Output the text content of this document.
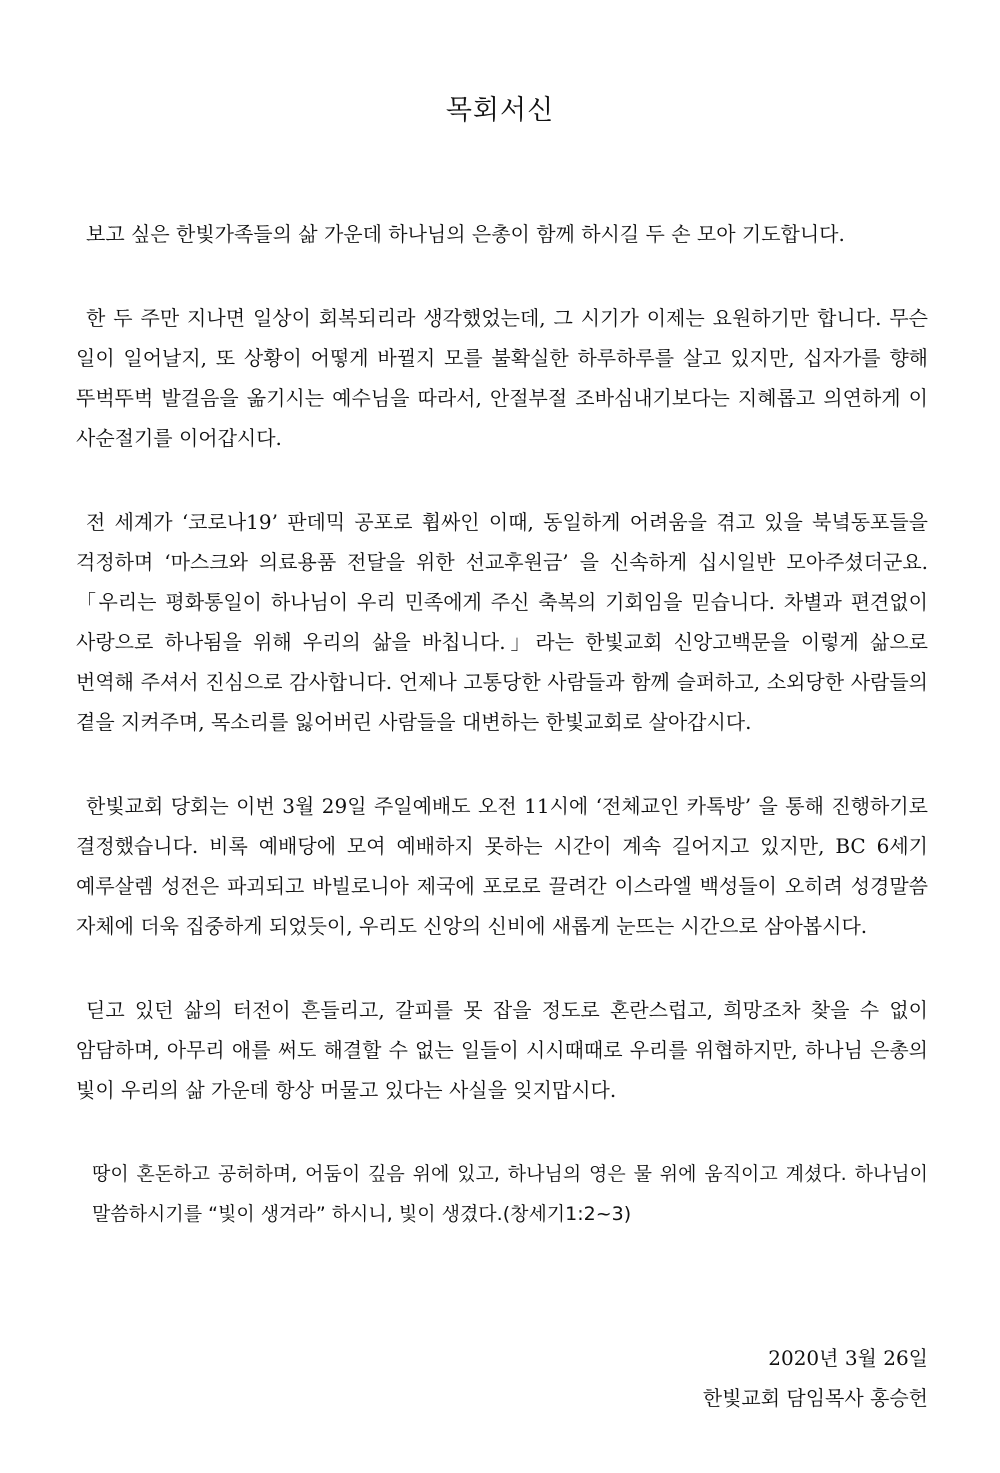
목회서신

보고 싶은 한빛가족들의 삶 가운데 하나님의 은총이 함께 하시길 두 손 모아 기도합니다.

한 두 주만 지나면 일상이 회복되리라 생각했었는데, 그 시기가 이제는 요원하기만 합니다. 무슨 일이 일어날지, 또 상황이 어떻게 바뀔지 모를 불확실한 하루하루를 살고 있지만, 십자가를 향해 뚜벅뚜벅 발걸음을 옮기시는 예수님을 따라서, 안절부절 조바심내기보다는 지혜롭고 의연하게 이 사순절기를 이어갑시다.

전 세계가 ‘코로나19’ 판데믹 공포로 휩싸인 이때, 동일하게 어려움을 겪고 있을 북녘동포들을 걱정하며 ‘마스크와 의료용품 전달을 위한 선교후원금’ 을 신속하게 십시일반 모아주셨더군요. 「우리는 평화통일이 하나님이 우리 민족에게 주신 축복의 기회임을 믿습니다. 차별과 편견없이 사랑으로 하나됨을 위해 우리의 삶을 바칩니다.」라는 한빛교회 신앙고백문을 이렇게 삶으로 번역해 주셔서 진심으로 감사합니다. 언제나 고통당한 사람들과 함께 슬퍼하고, 소외당한 사람들의 곁을 지켜주며, 목소리를 잃어버린 사람들을 대변하는 한빛교회로 살아갑시다.

한빛교회 당회는 이번 3월 29일 주일예배도 오전 11시에 ‘전체교인 카톡방’ 을 통해 진행하기로 결정했습니다. 비록 예배당에 모여 예배하지 못하는 시간이 계속 길어지고 있지만, BC 6세기 예루살렘 성전은 파괴되고 바빌로니아 제국에 포로로 끌려간 이스라엘 백성들이 오히려 성경말씀 자체에 더욱 집중하게 되었듯이, 우리도 신앙의 신비에 새롭게 눈뜨는 시간으로 삼아봅시다.

딛고 있던 삶의 터전이 흔들리고, 갈피를 못 잡을 정도로 혼란스럽고, 희망조차 찾을 수 없이 암담하며, 아무리 애를 써도 해결할 수 없는 일들이 시시때때로 우리를 위협하지만, 하나님 은총의 빛이 우리의 삶 가운데 항상 머물고 있다는 사실을 잊지맙시다.

땅이 혼돈하고 공허하며, 어둠이 깊음 위에 있고, 하나님의 영은 물 위에 움직이고 계셨다. 하나님이 말씀하시기를 “빛이 생겨라” 하시니, 빛이 생겼다.(창세기1:2~3)

2020년 3월 26일
한빛교회 담임목사 홍승헌
